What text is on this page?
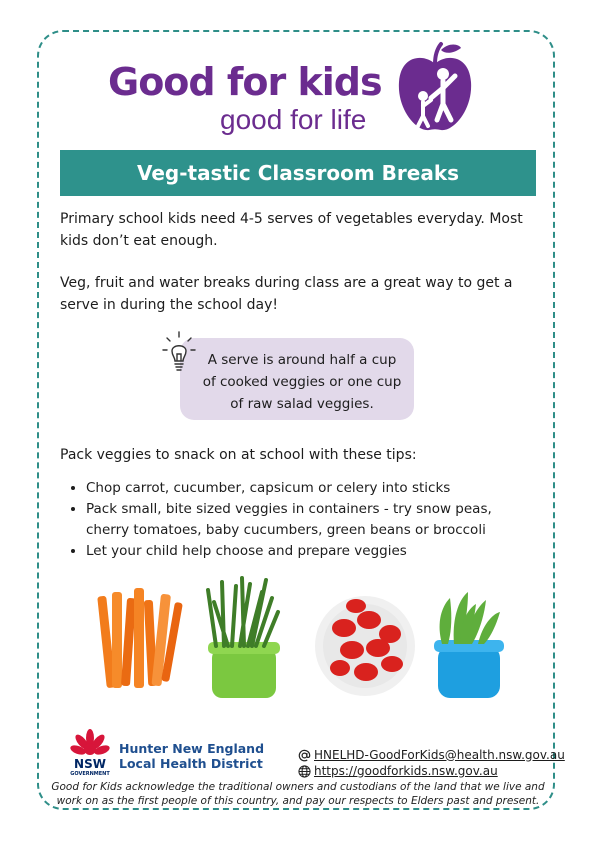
Good for kids
good for life
Veg-tastic Classroom Breaks
Primary school kids need 4-5 serves of vegetables everyday. Most kids don’t eat enough.
Veg, fruit and water breaks during class are a great way to get a serve in during the school day!
A serve is around half a cup of cooked veggies or one cup of raw salad veggies.
Pack veggies to snack on at school with these tips:
• Chop carrot, cucumber, capsicum or celery into sticks
• Pack small, bite sized veggies in containers - try snow peas, cherry tomatoes, baby cucumbers, green beans or broccoli
• Let your child help choose and prepare veggies
NSW
GOVERNMENT
Hunter New England
Local Health District
HNELHD-GoodForKids@health.nsw.gov.au
https://goodforkids.nsw.gov.au
Good for Kids acknowledge the traditional owners and custodians of the land that we live and work on as the first people of this country, and pay our respects to Elders past and present.
